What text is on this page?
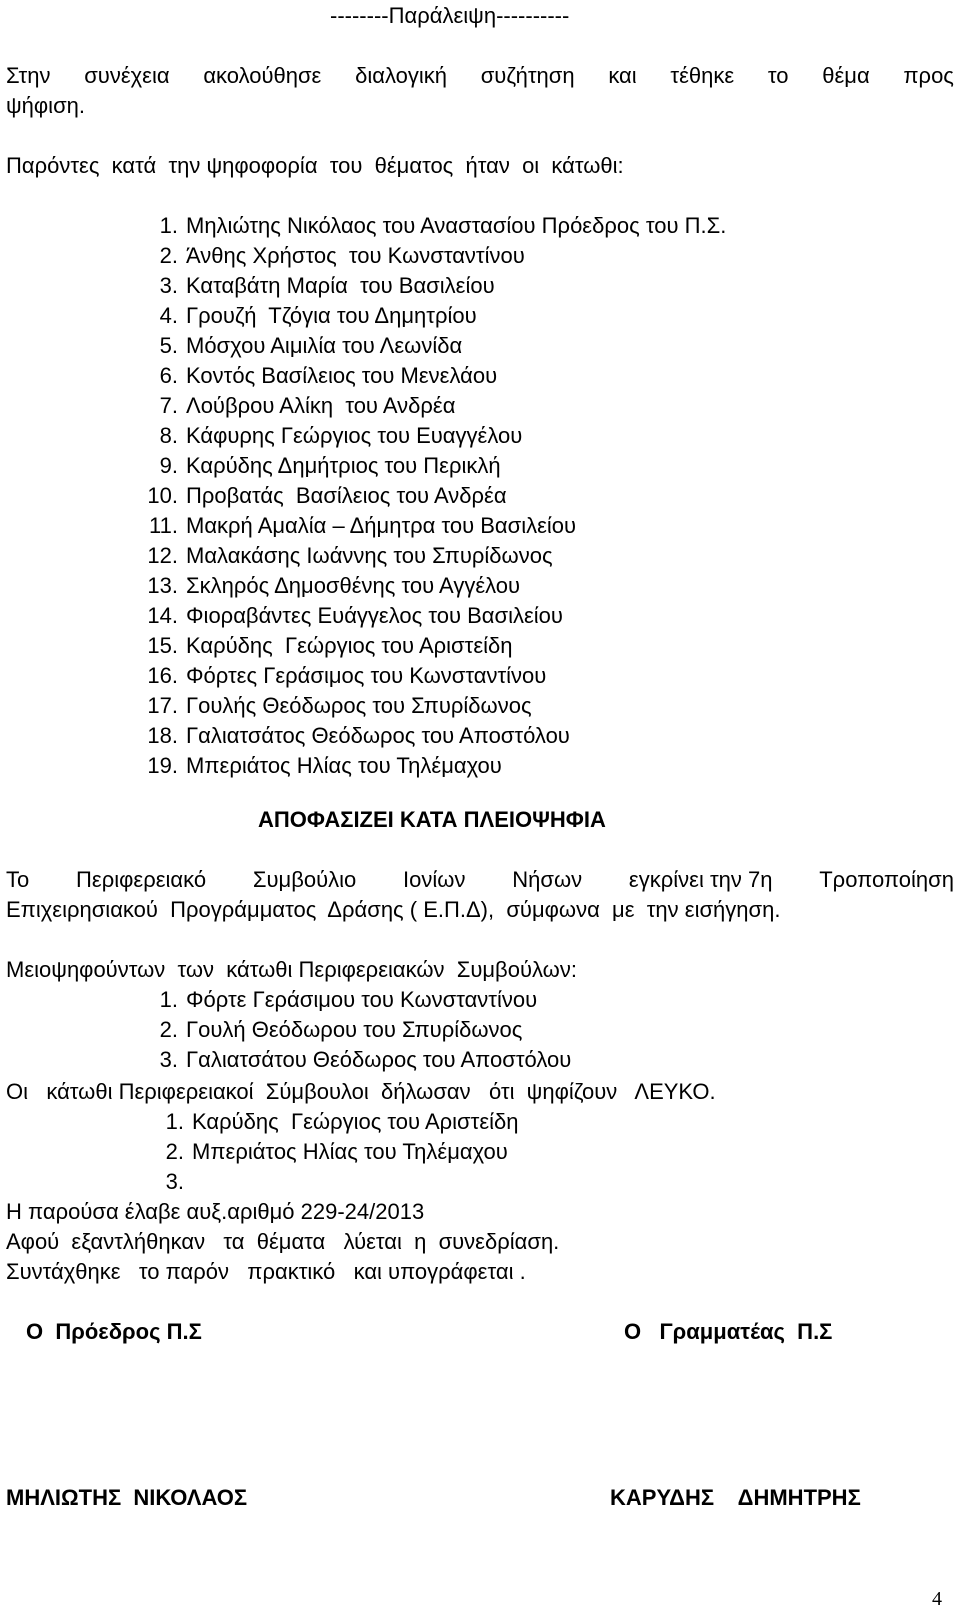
--------Παράλειψη----------
Στην συνέχεια ακολούθησε διαλογική συζήτηση και τέθηκε το θέμα προς
ψήφιση.
Παρόντες  κατά  την ψηφοφορία  του  θέματος  ήταν  οι  κάτωθι:
1. Μηλιώτης Νικόλαος του Αναστασίου Πρόεδρος του Π.Σ.
2. Άνθης Χρήστος  του Κωνσταντίνου
3. Καταβάτη Μαρία  του Βασιλείου
4. Γρουζή  Τζόγια του Δημητρίου
5. Μόσχου Αιμιλία του Λεωνίδα
6. Κοντός Βασίλειος του Μενελάου
7. Λούβρου Αλίκη  του Ανδρέα
8. Κάφυρης Γεώργιος του Ευαγγέλου
9. Καρύδης Δημήτριος του Περικλή
10. Προβατάς  Βασίλειος του Ανδρέα
11. Μακρή Αμαλία – Δήμητρα του Βασιλείου
12. Μαλακάσης Ιωάννης του Σπυρίδωνος
13. Σκληρός Δημοσθένης του Αγγέλου
14. Φιοραβάντες Ευάγγελος του Βασιλείου
15. Καρύδης  Γεώργιος του Αριστείδη
16. Φόρτες Γεράσιμος του Κωνσταντίνου
17. Γουλής Θεόδωρος του Σπυρίδωνος
18. Γαλιατσάτος Θεόδωρος του Αποστόλου
19. Μπεριάτος Ηλίας του Τηλέμαχου
ΑΠΟΦΑΣΙΖΕΙ ΚΑΤΑ ΠΛΕΙΟΨΗΦΙΑ
Το Περιφερειακό Συμβούλιο Ιονίων Νήσων εγκρίνει την 7η Τροποποίηση
Επιχειρησιακού  Προγράμματος  Δράσης ( Ε.Π.Δ),  σύμφωνα  με  την εισήγηση.
Μειοψηφούντων  των  κάτωθι Περιφερειακών  Συμβούλων:
1. Φόρτε Γεράσιμου του Κωνσταντίνου
2. Γουλή Θεόδωρου του Σπυρίδωνος
3. Γαλιατσάτου Θεόδωρος του Αποστόλου
Οι   κάτωθι Περιφερειακοί  Σύμβουλοι  δήλωσαν   ότι  ψηφίζουν   ΛΕΥΚΟ.
1. Καρύδης  Γεώργιος του Αριστείδη
2. Μπεριάτος Ηλίας του Τηλέμαχου
3.
Η παρούσα έλαβε αυξ.αριθμό 229-24/2013
Αφού  εξαντλήθηκαν   τα  θέματα   λύεται  η  συνεδρίαση.
Συντάχθηκε   το παρόν   πρακτικό   και υπογράφεται .
Ο  Πρόεδρος Π.Σ	Ο   Γραμματέας  Π.Σ
ΜΗΛΙΩΤΗΣ  ΝΙΚΟΛΑΟΣ	ΚΑΡΥΔΗΣ    ΔΗΜΗΤΡΗΣ
4
